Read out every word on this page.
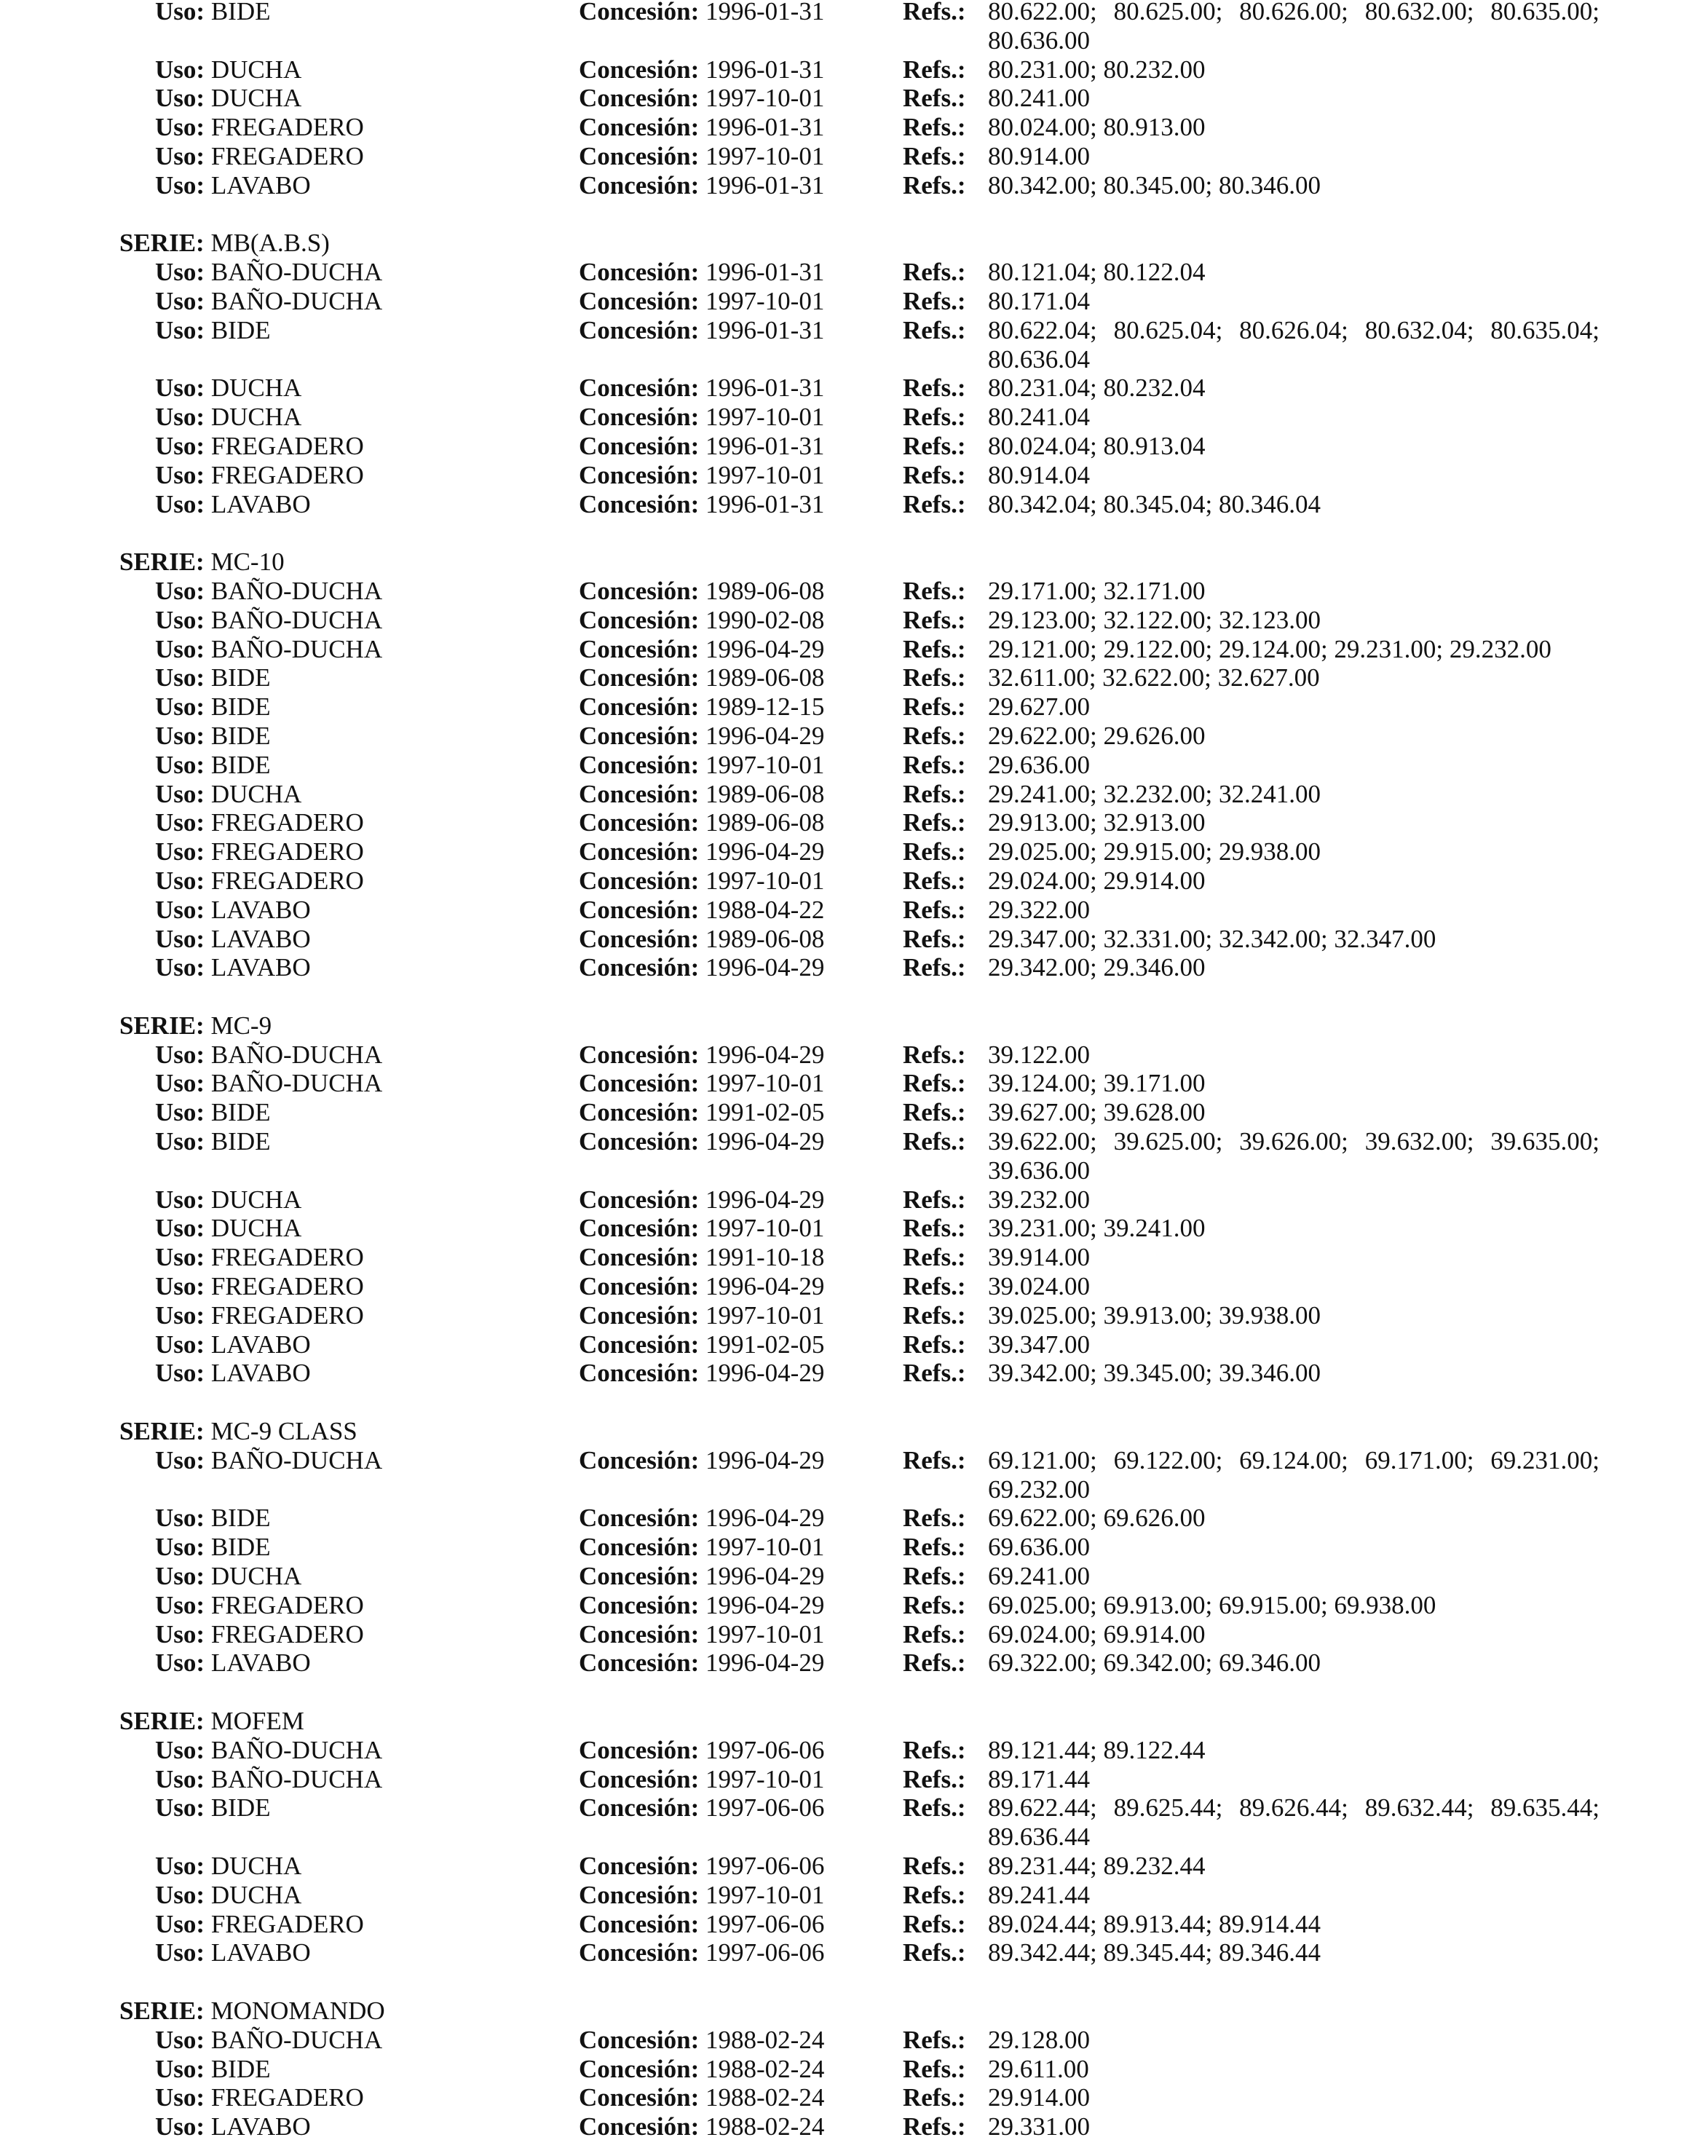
Uso: BIDE	Concesión: 1996-01-31	Refs.: 80.622.00; 80.625.00; 80.626.00; 80.632.00; 80.635.00; 80.636.00
Uso: DUCHA	Concesión: 1996-01-31	Refs.: 80.231.00; 80.232.00
Uso: DUCHA	Concesión: 1997-10-01	Refs.: 80.241.00
Uso: FREGADERO	Concesión: 1996-01-31	Refs.: 80.024.00; 80.913.00
Uso: FREGADERO	Concesión: 1997-10-01	Refs.: 80.914.00
Uso: LAVABO	Concesión: 1996-01-31	Refs.: 80.342.00; 80.345.00; 80.346.00
SERIE: MB(A.B.S)
Uso: BAÑO-DUCHA	Concesión: 1996-01-31	Refs.: 80.121.04; 80.122.04
Uso: BAÑO-DUCHA	Concesión: 1997-10-01	Refs.: 80.171.04
Uso: BIDE	Concesión: 1996-01-31	Refs.: 80.622.04; 80.625.04; 80.626.04; 80.632.04; 80.635.04; 80.636.04
Uso: DUCHA	Concesión: 1996-01-31	Refs.: 80.231.04; 80.232.04
Uso: DUCHA	Concesión: 1997-10-01	Refs.: 80.241.04
Uso: FREGADERO	Concesión: 1996-01-31	Refs.: 80.024.04; 80.913.04
Uso: FREGADERO	Concesión: 1997-10-01	Refs.: 80.914.04
Uso: LAVABO	Concesión: 1996-01-31	Refs.: 80.342.04; 80.345.04; 80.346.04
SERIE: MC-10
Uso: BAÑO-DUCHA	Concesión: 1989-06-08	Refs.: 29.171.00; 32.171.00
Uso: BAÑO-DUCHA	Concesión: 1990-02-08	Refs.: 29.123.00; 32.122.00; 32.123.00
Uso: BAÑO-DUCHA	Concesión: 1996-04-29	Refs.: 29.121.00; 29.122.00; 29.124.00; 29.231.00; 29.232.00
Uso: BIDE	Concesión: 1989-06-08	Refs.: 32.611.00; 32.622.00; 32.627.00
Uso: BIDE	Concesión: 1989-12-15	Refs.: 29.627.00
Uso: BIDE	Concesión: 1996-04-29	Refs.: 29.622.00; 29.626.00
Uso: BIDE	Concesión: 1997-10-01	Refs.: 29.636.00
Uso: DUCHA	Concesión: 1989-06-08	Refs.: 29.241.00; 32.232.00; 32.241.00
Uso: FREGADERO	Concesión: 1989-06-08	Refs.: 29.913.00; 32.913.00
Uso: FREGADERO	Concesión: 1996-04-29	Refs.: 29.025.00; 29.915.00; 29.938.00
Uso: FREGADERO	Concesión: 1997-10-01	Refs.: 29.024.00; 29.914.00
Uso: LAVABO	Concesión: 1988-04-22	Refs.: 29.322.00
Uso: LAVABO	Concesión: 1989-06-08	Refs.: 29.347.00; 32.331.00; 32.342.00; 32.347.00
Uso: LAVABO	Concesión: 1996-04-29	Refs.: 29.342.00; 29.346.00
SERIE: MC-9
Uso: BAÑO-DUCHA	Concesión: 1996-04-29	Refs.: 39.122.00
Uso: BAÑO-DUCHA	Concesión: 1997-10-01	Refs.: 39.124.00; 39.171.00
Uso: BIDE	Concesión: 1991-02-05	Refs.: 39.627.00; 39.628.00
Uso: BIDE	Concesión: 1996-04-29	Refs.: 39.622.00; 39.625.00; 39.626.00; 39.632.00; 39.635.00; 39.636.00
Uso: DUCHA	Concesión: 1996-04-29	Refs.: 39.232.00
Uso: DUCHA	Concesión: 1997-10-01	Refs.: 39.231.00; 39.241.00
Uso: FREGADERO	Concesión: 1991-10-18	Refs.: 39.914.00
Uso: FREGADERO	Concesión: 1996-04-29	Refs.: 39.024.00
Uso: FREGADERO	Concesión: 1997-10-01	Refs.: 39.025.00; 39.913.00; 39.938.00
Uso: LAVABO	Concesión: 1991-02-05	Refs.: 39.347.00
Uso: LAVABO	Concesión: 1996-04-29	Refs.: 39.342.00; 39.345.00; 39.346.00
SERIE: MC-9 CLASS
Uso: BAÑO-DUCHA	Concesión: 1996-04-29	Refs.: 69.121.00; 69.122.00; 69.124.00; 69.171.00; 69.231.00; 69.232.00
Uso: BIDE	Concesión: 1996-04-29	Refs.: 69.622.00; 69.626.00
Uso: BIDE	Concesión: 1997-10-01	Refs.: 69.636.00
Uso: DUCHA	Concesión: 1996-04-29	Refs.: 69.241.00
Uso: FREGADERO	Concesión: 1996-04-29	Refs.: 69.025.00; 69.913.00; 69.915.00; 69.938.00
Uso: FREGADERO	Concesión: 1997-10-01	Refs.: 69.024.00; 69.914.00
Uso: LAVABO	Concesión: 1996-04-29	Refs.: 69.322.00; 69.342.00; 69.346.00
SERIE: MOFEM
Uso: BAÑO-DUCHA	Concesión: 1997-06-06	Refs.: 89.121.44; 89.122.44
Uso: BAÑO-DUCHA	Concesión: 1997-10-01	Refs.: 89.171.44
Uso: BIDE	Concesión: 1997-06-06	Refs.: 89.622.44; 89.625.44; 89.626.44; 89.632.44; 89.635.44; 89.636.44
Uso: DUCHA	Concesión: 1997-06-06	Refs.: 89.231.44; 89.232.44
Uso: DUCHA	Concesión: 1997-10-01	Refs.: 89.241.44
Uso: FREGADERO	Concesión: 1997-06-06	Refs.: 89.024.44; 89.913.44; 89.914.44
Uso: LAVABO	Concesión: 1997-06-06	Refs.: 89.342.44; 89.345.44; 89.346.44
SERIE: MONOMANDO
Uso: BAÑO-DUCHA	Concesión: 1988-02-24	Refs.: 29.128.00
Uso: BIDE	Concesión: 1988-02-24	Refs.: 29.611.00
Uso: FREGADERO	Concesión: 1988-02-24	Refs.: 29.914.00
Uso: LAVABO	Concesión: 1988-02-24	Refs.: 29.331.00
